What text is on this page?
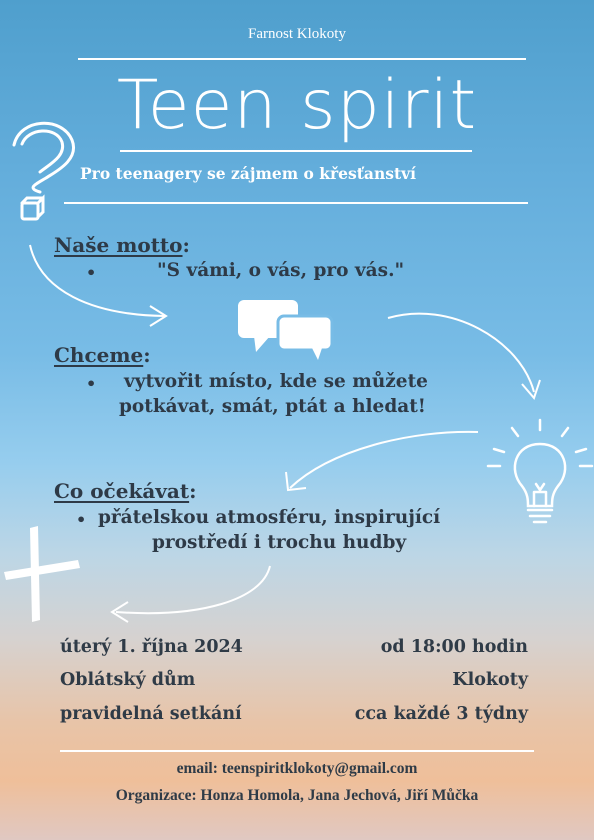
Farnost Klokoty
Teen spirit
Pro teenagery se zájmem o křesťanství
Naše motto:
•	"S vámi, o vás, pro vás."
Chceme:
• vytvořit místo, kde se můžete
potkávat, smát, ptát a hledat!
Co očekávat:
• přátelskou atmosféru, inspirující
prostředí i trochu hudby
úterý 1. října 2024	od 18:00 hodin
Oblátský dům	Klokoty
pravidelná setkání	cca každé 3 týdny
email: teenspiritklokoty@gmail.com
Organizace: Honza Homola, Jana Jechová, Jiří Můčka
